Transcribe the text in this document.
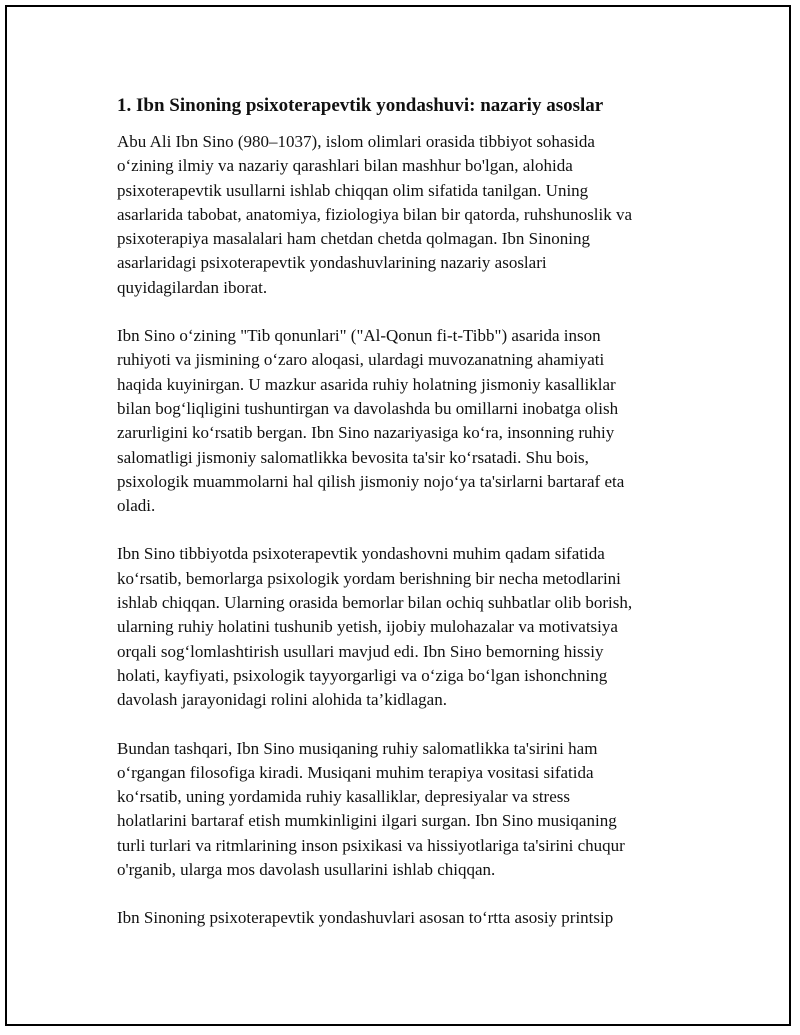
1. Ibn Sinoning psixoterapevtik yondashuvi: nazariy asoslar

Abu Ali Ibn Sino (980–1037), islom olimlari orasida tibbiyot sohasida
o‘zining ilmiy va nazariy qarashlari bilan mashhur bo'lgan, alohida
psixoterapevtik usullarni ishlab chiqqan olim sifatida tanilgan. Uning
asarlarida tabobat, anatomiya, fiziologiya bilan bir qatorda, ruhshunoslik va
psixoterapiya masalalari ham chetdan chetda qolmagan. Ibn Sinoning
asarlaridagi psixoterapevtik yondashuvlarining nazariy asoslari
quyidagilardan iborat.

Ibn Sino o‘zining "Tib qonunlari" ("Al-Qonun fi-t-Tibb") asarida inson
ruhiyoti va jismining o‘zaro aloqasi, ulardagi muvozanatning ahamiyati
haqida kuyinirgan. U mazkur asarida ruhiy holatning jismoniy kasalliklar
bilan bog‘liqligini tushuntirgan va davolashda bu omillarni inobatga olish
zarurligini ko‘rsatib bergan. Ibn Sino nazariyasiga ko‘ra, insonning ruhiy
salomatligi jismoniy salomatlikka bevosita ta'sir ko‘rsatadi. Shu bois,
psixologik muammolarni hal qilish jismoniy nojo‘ya ta'sirlarni bartaraf eta
oladi.

Ibn Sino tibbiyotda psixoterapevtik yondashovni muhim qadam sifatida
ko‘rsatib, bemorlarga psixologik yordam berishning bir necha metodlarini
ishlab chiqqan. Ularning orasida bemorlar bilan ochiq suhbatlar olib borish,
ularning ruhiy holatini tushunib yetish, ijobiy mulohazalar va motivatsiya
orqali sog‘lomlashtirish usullari mavjud edi. Ibn Siнo bemorning hissiy
holati, kayfiyati, psixologik tayyorgarligi va o‘ziga bo‘lgan ishonchning
davolash jarayonidagi rolini alohida ta’kidlagan.

Bundan tashqari, Ibn Sino musiqaning ruhiy salomatlikka ta'sirini ham
o‘rgangan filosofiga kiradi. Musiqani muhim terapiya vositasi sifatida
ko‘rsatib, uning yordamida ruhiy kasalliklar, depresiyalar va stress
holatlarini bartaraf etish mumkinligini ilgari surgan. Ibn Sino musiqaning
turli turlari va ritmlarining inson psixikasi va hissiyotlariga ta'sirini chuqur
o'rganib, ularga mos davolash usullarini ishlab chiqqan.

Ibn Sinoning psixoterapevtik yondashuvlari asosan to‘rtta asosiy printsip
